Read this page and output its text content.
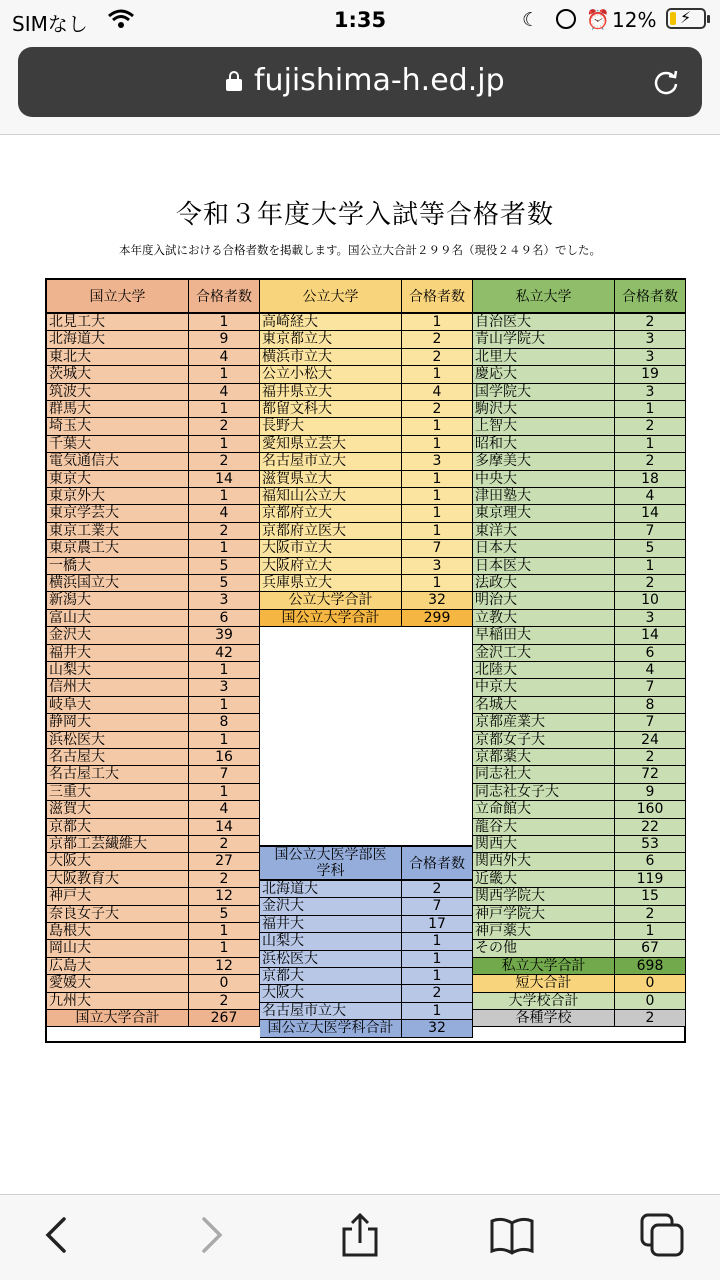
SIMなし	1:35	☾ ⏰ 12% ⚡
fujishima-h.ed.jp
令和３年度大学入試等合格者数
本年度入試における合格者数を掲載します。国公立大合計２９９名（現役２４９名）でした。
国立大学	合格者数
北見工大	1
北海道大	9
東北大	4
茨城大	1
筑波大	4
群馬大	1
埼玉大	2
千葉大	1
電気通信大	2
東京大	14
東京外大	1
東京学芸大	4
東京工業大	2
東京農工大	1
一橋大	5
横浜国立大	5
新潟大	3
富山大	6
金沢大	39
福井大	42
山梨大	1
信州大	3
岐阜大	1
静岡大	8
浜松医大	1
名古屋大	16
名古屋工大	7
三重大	1
滋賀大	4
京都大	14
京都工芸繊維大	2
大阪大	27
大阪教育大	2
神戸大	12
奈良女子大	5
島根大	1
岡山大	1
広島大	12
愛媛大	0
九州大	2
国立大学合計	267
公立大学	合格者数
高崎経大	1
東京都立大	2
横浜市立大	2
公立小松大	1
福井県立大	4
都留文科大	2
長野大	1
愛知県立芸大	1
名古屋市立大	3
滋賀県立大	1
福知山公立大	1
京都府立大	1
京都府立医大	1
大阪市立大	7
大阪府立大	3
兵庫県立大	1
公立大学合計	32
国公立大学合計	299
国公立大医学部医学科	合格者数
北海道大	2
金沢大	7
福井大	17
山梨大	1
浜松医大	1
京都大	1
大阪大	2
名古屋市立大	1
国公立大医学科合計	32
私立大学	合格者数
自治医大	2
青山学院大	3
北里大	3
慶応大	19
国学院大	3
駒沢大	1
上智大	2
昭和大	1
多摩美大	2
中央大	18
津田塾大	4
東京理大	14
東洋大	7
日本大	5
日本医大	1
法政大	2
明治大	10
立教大	3
早稲田大	14
金沢工大	6
北陸大	4
中京大	7
名城大	8
京都産業大	7
京都女子大	24
京都薬大	2
同志社大	72
同志社女子大	9
立命館大	160
龍谷大	22
関西大	53
関西外大	6
近畿大	119
関西学院大	15
神戸学院大	2
神戸薬大	1
その他	67
私立大学合計	698
短大合計	0
大学校合計	0
各種学校	2
